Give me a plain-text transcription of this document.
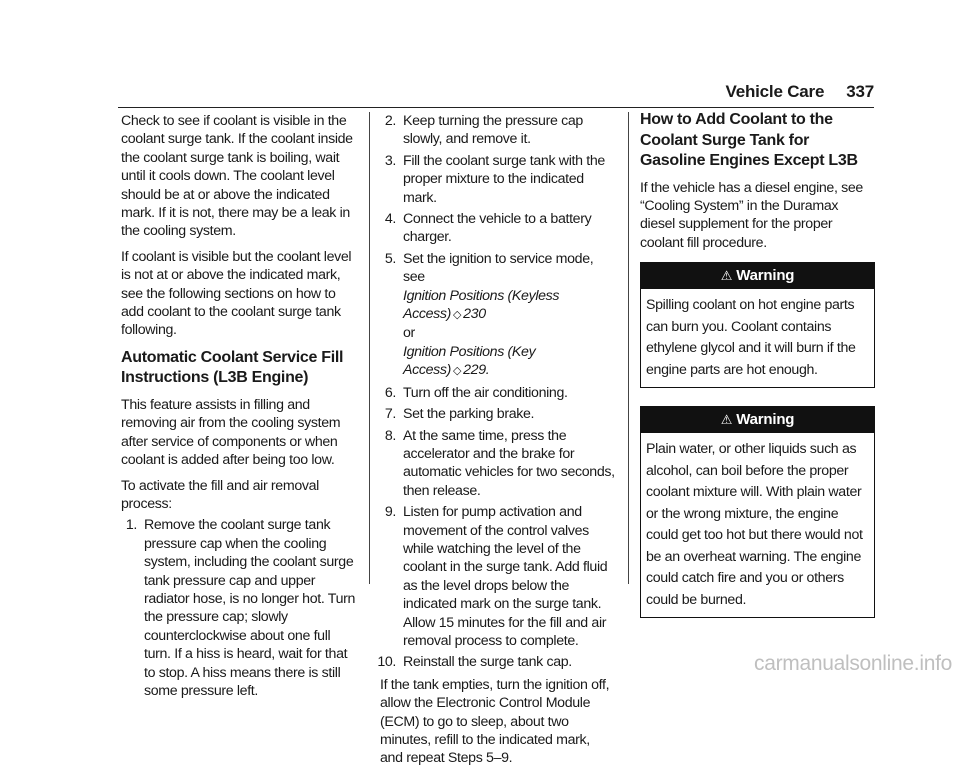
Vehicle Care 337

Check to see if coolant is visible in the coolant surge tank. If the coolant inside the coolant surge tank is boiling, wait until it cools down. The coolant level should be at or above the indicated mark. If it is not, there may be a leak in the cooling system.

If coolant is visible but the coolant level is not at or above the indicated mark, see the following sections on how to add coolant to the coolant surge tank following.

Automatic Coolant Service Fill Instructions (L3B Engine)

This feature assists in filling and removing air from the cooling system after service of components or when coolant is added after being too low.

To activate the fill and air removal process:

1. Remove the coolant surge tank pressure cap when the cooling system, including the coolant surge tank pressure cap and upper radiator hose, is no longer hot. Turn the pressure cap; slowly counterclockwise about one full turn. If a hiss is heard, wait for that to stop. A hiss means there is still some pressure left.
2. Keep turning the pressure cap slowly, and remove it.
3. Fill the coolant surge tank with the proper mixture to the indicated mark.
4. Connect the vehicle to a battery charger.
5. Set the ignition to service mode, see
Ignition Positions (Keyless Access) ◇ 230
or
Ignition Positions (Key Access) ◇ 229.
6. Turn off the air conditioning.
7. Set the parking brake.
8. At the same time, press the accelerator and the brake for automatic vehicles for two seconds, then release.
9. Listen for pump activation and movement of the control valves while watching the level of the coolant in the surge tank. Add fluid as the level drops below the indicated mark on the surge tank. Allow 15 minutes for the fill and air removal process to complete.
10. Reinstall the surge tank cap.

If the tank empties, turn the ignition off, allow the Electronic Control Module (ECM) to go to sleep, about two minutes, refill to the indicated mark, and repeat Steps 5–9.

How to Add Coolant to the Coolant Surge Tank for Gasoline Engines Except L3B

If the vehicle has a diesel engine, see “Cooling System” in the Duramax diesel supplement for the proper coolant fill procedure.

⚠ Warning
Spilling coolant on hot engine parts can burn you. Coolant contains ethylene glycol and it will burn if the engine parts are hot enough.
⚠ Warning
Plain water, or other liquids such as alcohol, can boil before the proper coolant mixture will. With plain water or the wrong mixture, the engine could get too hot but there would not be an overheat warning. The engine could catch fire and you or others could be burned.
carmanualsonline.info
